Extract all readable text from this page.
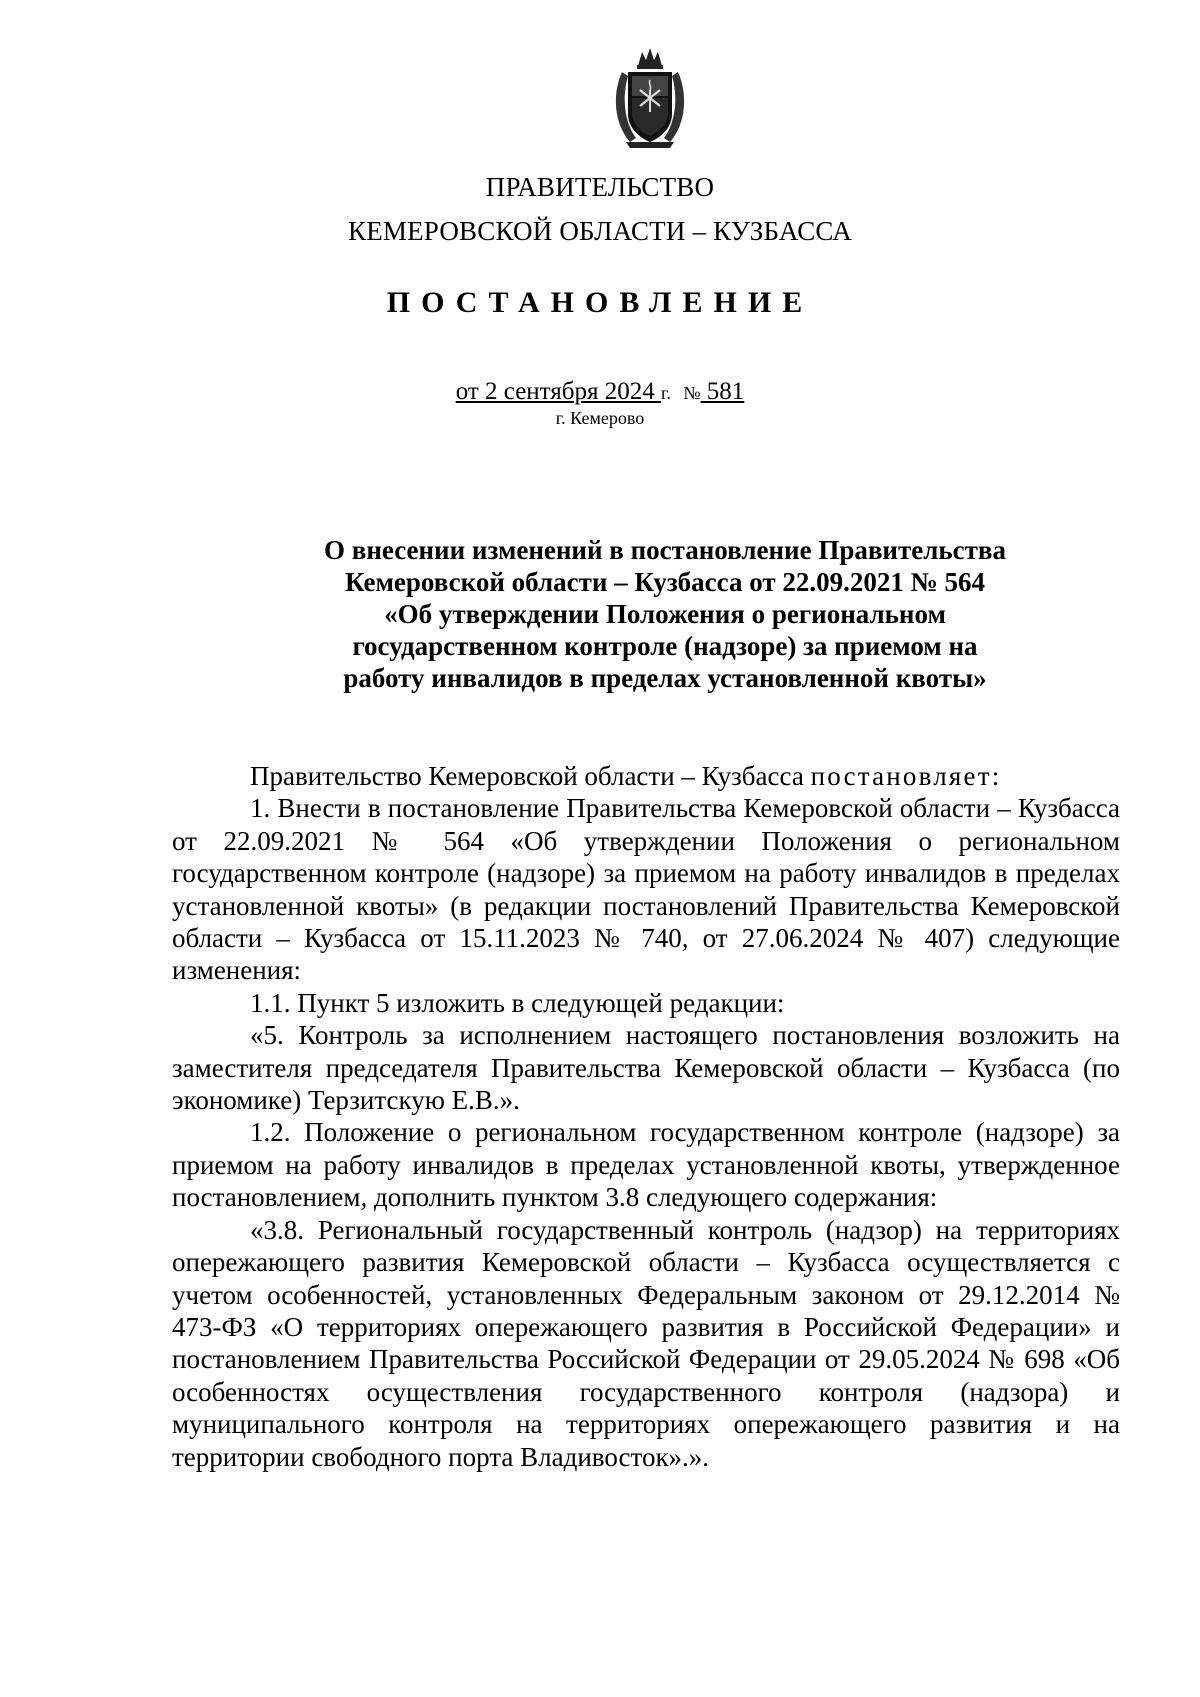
ПРАВИТЕЛЬСТВО
КЕМЕРОВСКОЙ ОБЛАСТИ – КУЗБАССА
ПОСТАНОВЛЕНИЕ
от 2 сентября 2024 г. № 581
г. Кемерово
О внесении изменений в постановление Правительства
Кемеровской области – Кузбасса от 22.09.2021 № 564
«Об утверждении Положения о региональном
государственном контроле (надзоре) за приемом на
работу инвалидов в пределах установленной квоты»

Правительство Кемеровской области – Кузбасса постановляет:

1. Внести в постановление Правительства Кемеровской области – Кузбасса от 22.09.2021 № 564 «Об утверждении Положения о региональном государственном контроле (надзоре) за приемом на работу инвалидов в пределах установленной квоты» (в редакции постановлений Правительства Кемеровской области – Кузбасса от 15.11.2023 № 740, от 27.06.2024 № 407) следующие изменения:

1.1. Пункт 5 изложить в следующей редакции:

«5. Контроль за исполнением настоящего постановления возложить на заместителя председателя Правительства Кемеровской области – Кузбасса (по экономике) Терзитскую Е.В.».

1.2. Положение о региональном государственном контроле (надзоре) за приемом на работу инвалидов в пределах установленной квоты, утвержденное постановлением, дополнить пунктом 3.8 следующего содержания:

«3.8. Региональный государственный контроль (надзор) на территориях опережающего развития Кемеровской области – Кузбасса осуществляется с учетом особенностей, установленных Федеральным законом от 29.12.2014 № 473-ФЗ «О территориях опережающего развития в Российской Федерации» и постановлением Правительства Российской Федерации от 29.05.2024 № 698 «Об особенностях осуществления государственного контроля (надзора) и муниципального контроля на территориях опережающего развития и на территории свободного порта Владивосток».».
